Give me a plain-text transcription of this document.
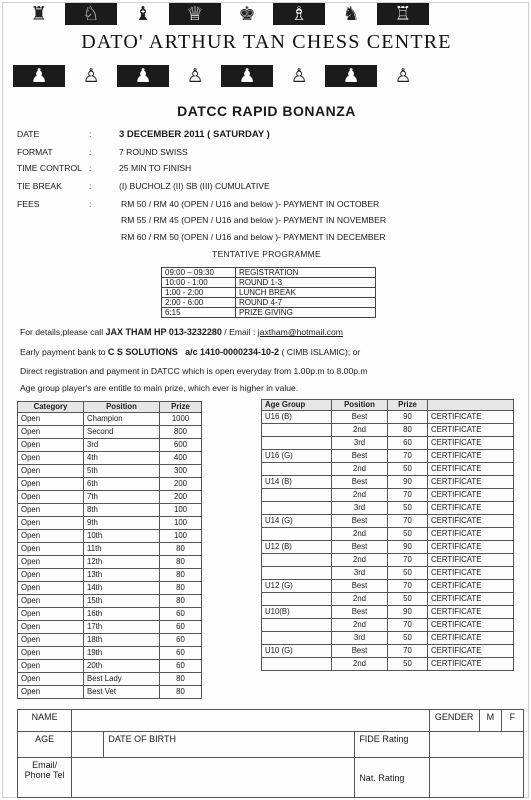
♜	♘	♝	♕	♚	♗	♞	♖
DATO' ARTHUR TAN CHESS CENTRE
♟	♙	♟	♙	♟	♙	♟	♙
DATCC RAPID BONANZA
DATE	:	3 DECEMBER 2011 ( SATURDAY )
FORMAT	:	7 ROUND SWISS
TIME CONTROL :	25 MIN TO FINISH
TIE BREAK	:	(I) BUCHOLZ (II) SB (III) CUMULATIVE
FEES	:	RM 50 / RM 40 (OPEN / U16 and below )- PAYMENT IN OCTOBER
RM 55 / RM 45 (OPEN / U16 and below )- PAYMENT IN NOVEMBER
RM 60 / RM 50 (OPEN / U16 and below )- PAYMENT IN DECEMBER
TENTATIVE PROGRAMME
09:00 – 09:30	REGISTRATION
10:00 - 1:00	ROUND 1-3
1:00 - 2:00	LUNCH BREAK
2:00 - 6:00	ROUND 4-7
6:15	PRIZE GIVING
For details,please call JAX THAM HP 013-3232280 / Email : jaxtham@hotmail.com
Early payment bank to C S SOLUTIONS a/c 1410-0000234-10-2 ( CIMB ISLAMIC); or
Direct registration and payment in DATCC which is open everyday from 1.00p.m to 8.00p.m
Age group player's are entitle to main prize, which ever is higher in value.
Category	Position	Prize
Open	Champion	1000
Open	Second	800
Open	3rd	600
Open	4th	400
Open	5th	300
Open	6th	200
Open	7th	200
Open	8th	100
Open	9th	100
Open	10th	100
Open	11th	80
Open	12th	80
Open	13th	80
Open	14th	80
Open	15th	80
Open	16th	60
Open	17th	60
Open	18th	60
Open	19th	60
Open	20th	60
Open	Best Lady	80
Open	Best Vet	80
Age Group	Position	Prize	
U16 (B)	Best	90	CERTIFICATE
	2nd	80	CERTIFICATE
	3rd	60	CERTIFICATE
U16 (G)	Best	70	CERTIFICATE
	2nd	50	CERTIFICATE
U14 (B)	Best	90	CERTIFICATE
	2nd	70	CERTIFICATE
	3rd	50	CERTIFICATE
U14 (G)	Best	70	CERTIFICATE
	2nd	50	CERTIFICATE
U12 (B)	Best	90	CERTIFICATE
	2nd	70	CERTIFICATE
	3rd	50	CERTIFICATE
U12 (G)	Best	70	CERTIFICATE
	2nd	50	CERTIFICATE
U10(B)	Best	90	CERTIFICATE
	2nd	70	CERTIFICATE
	3rd	50	CERTIFICATE
U10 (G)	Best	70	CERTIFICATE
	2nd	50	CERTIFICATE
NAME				GENDER	M	F
AGE		DATE OF BIRTH	FIDE Rating			
Email/ Phone Tel			Nat. Rating			
